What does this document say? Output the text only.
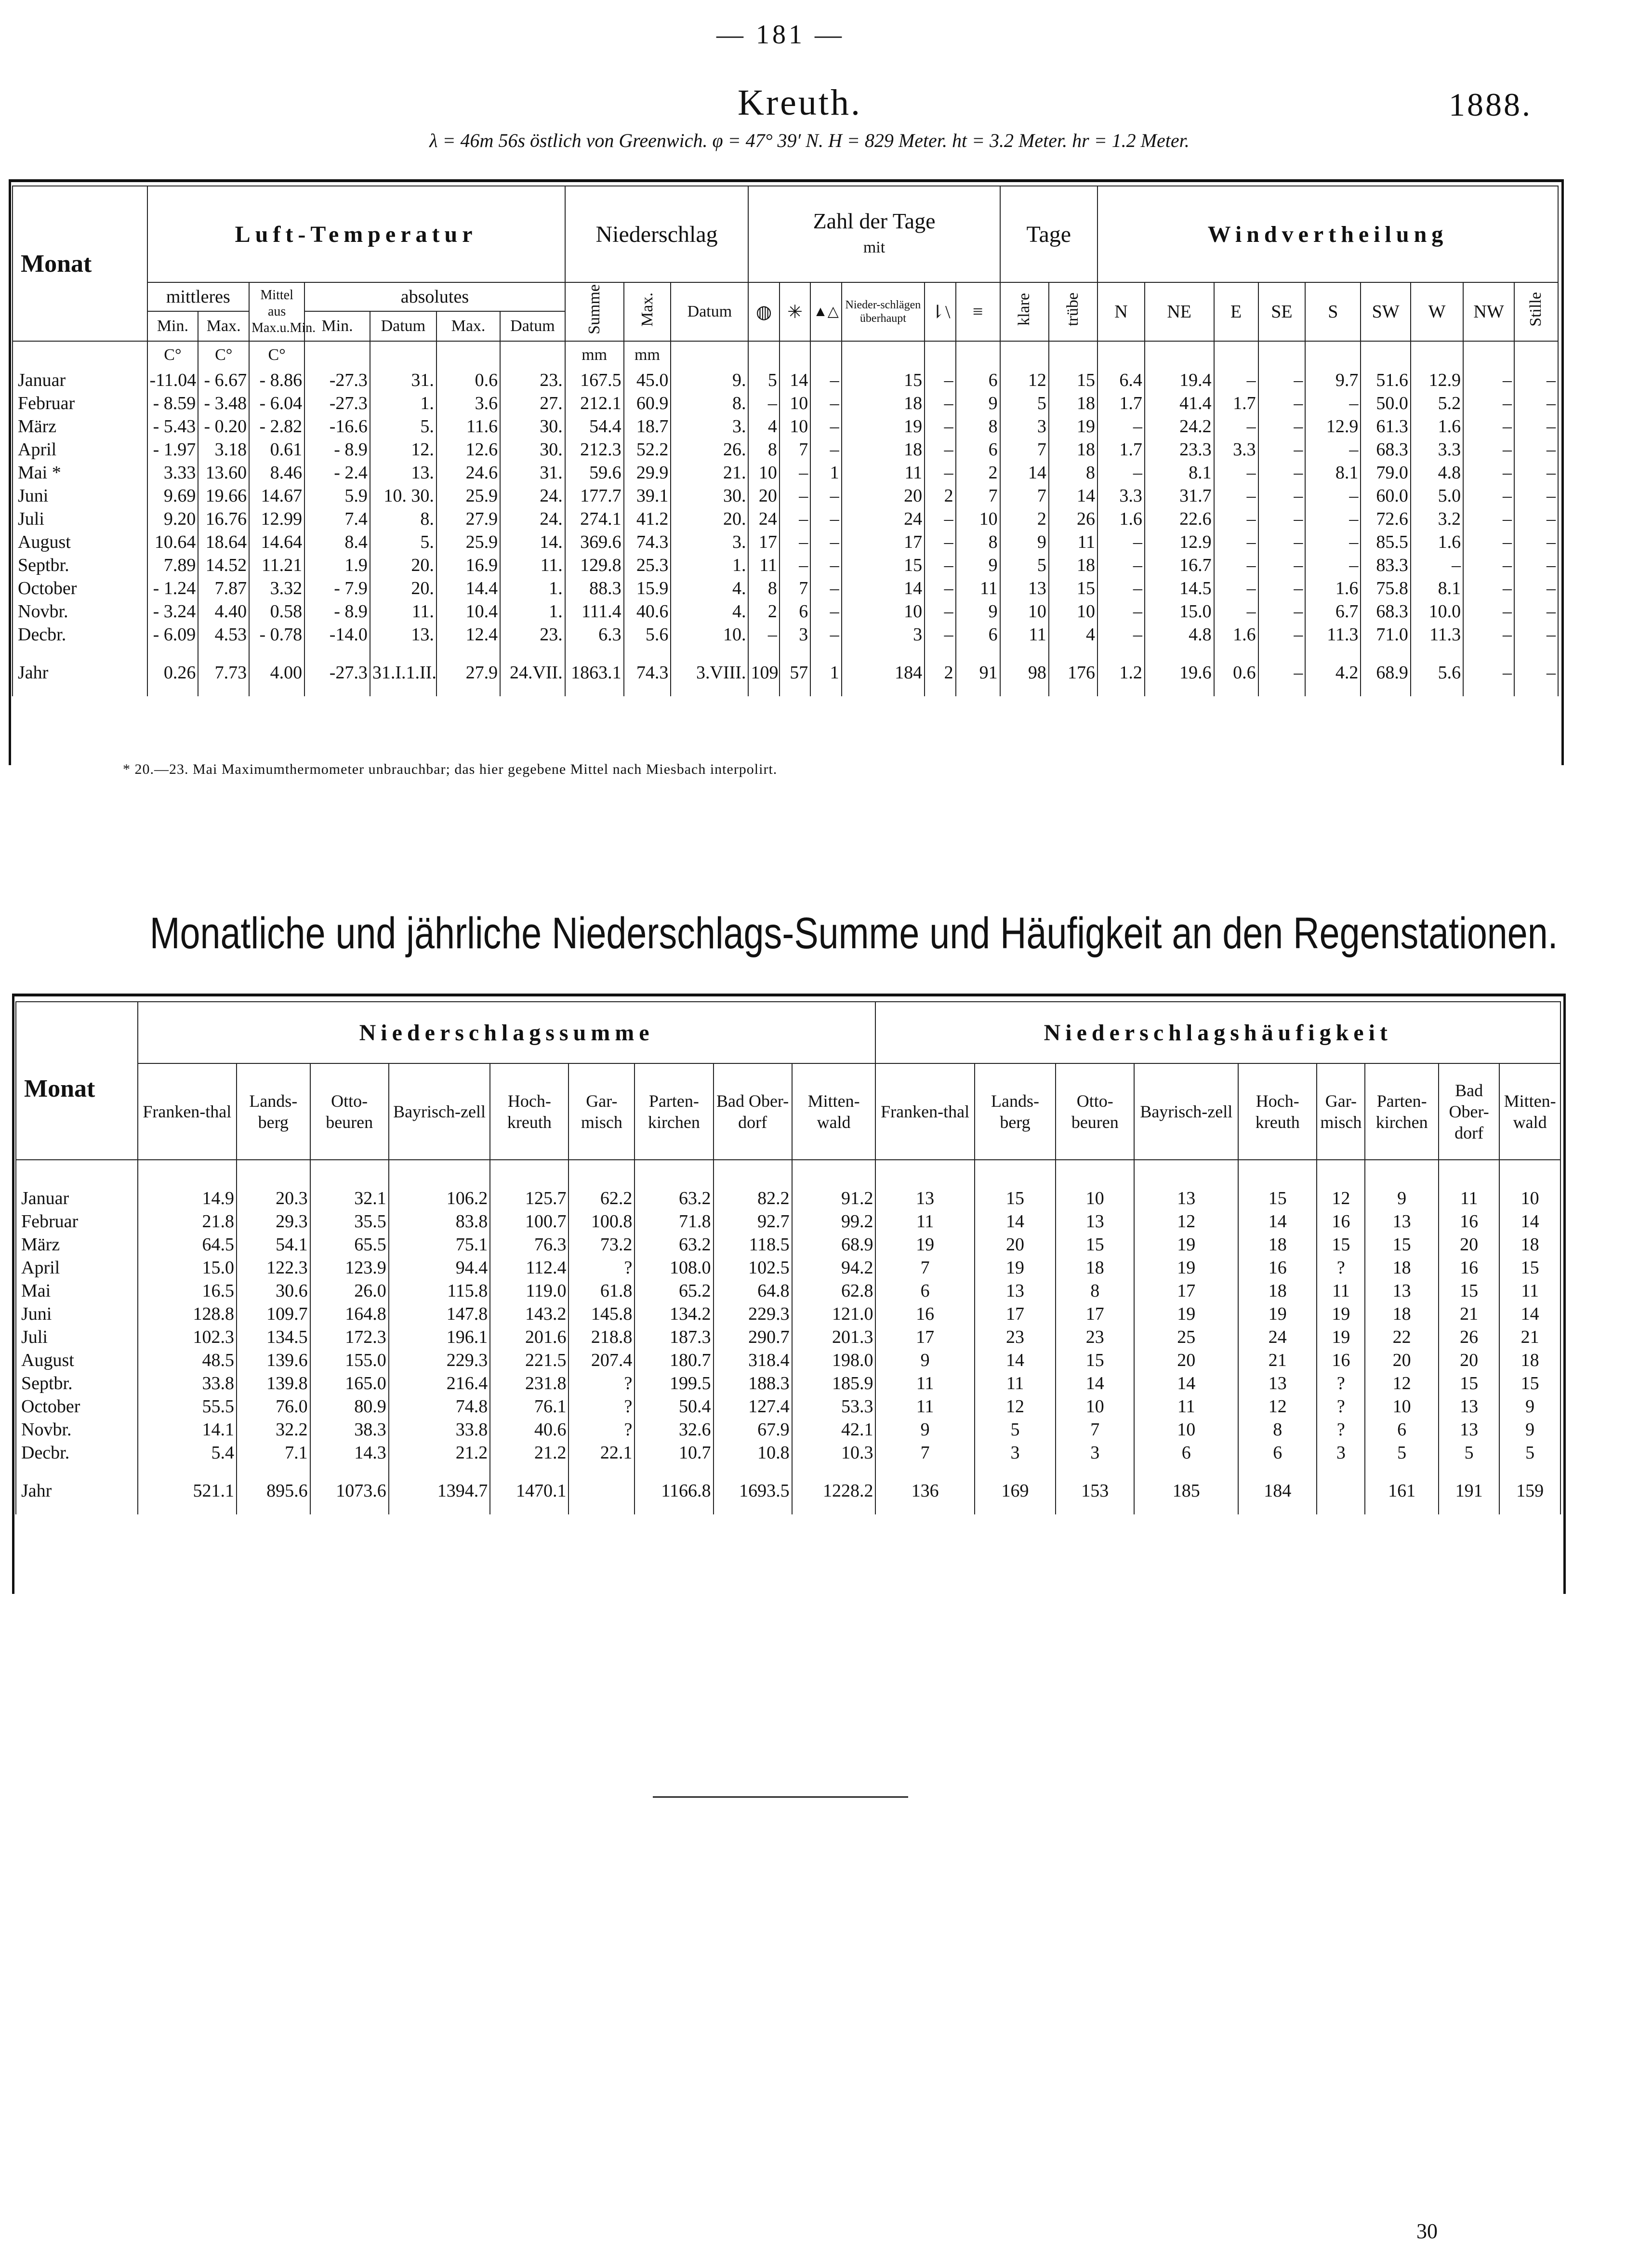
— 181 —
Kreuth.	1888.
λ = 46m 56s östlich von Greenwich. φ = 47° 39′ N. H = 829 Meter. ht = 3.2 Meter. hr = 1.2 Meter.
Monat	Luft-Temperatur							Niederschlag			Zahl der Tage
mit						Tage		Windvertheilung								
	mittleres		Mittel aus Max.u.Min.	absolutes				Summe	Max.	Datum	◍	✳	▲△	Nieder-schlägen überhaupt	⇂\	≡	klare	trübe	N	NE	E	SE	S	SW	W	NW	Stille
	Min.	Max.		Min.	Datum	Max.	Datum																				
	C°	C°	C°					mm	mm																		
Januar	-11.04	- 6.67	- 8.86	-27.3	31.	0.6	23.	167.5	45.0	9.	5	14	–	15	–	6	12	15	6.4	19.4	–	–	9.7	51.6	12.9	–	–
Februar	- 8.59	- 3.48	- 6.04	-27.3	1.	3.6	27.	212.1	60.9	8.	–	10	–	18	–	9	5	18	1.7	41.4	1.7	–	–	50.0	5.2	–	–
März	- 5.43	- 0.20	- 2.82	-16.6	5.	11.6	30.	54.4	18.7	3.	4	10	–	19	–	8	3	19	–	24.2	–	–	12.9	61.3	1.6	–	–
April	- 1.97	3.18	0.61	- 8.9	12.	12.6	30.	212.3	52.2	26.	8	7	–	18	–	6	7	18	1.7	23.3	3.3	–	–	68.3	3.3	–	–
Mai *	3.33	13.60	8.46	- 2.4	13.	24.6	31.	59.6	29.9	21.	10	–	1	11	–	2	14	8	–	8.1	–	–	8.1	79.0	4.8	–	–
Juni	9.69	19.66	14.67	5.9	10. 30.	25.9	24.	177.7	39.1	30.	20	–	–	20	2	7	7	14	3.3	31.7	–	–	–	60.0	5.0	–	–
Juli	9.20	16.76	12.99	7.4	8.	27.9	24.	274.1	41.2	20.	24	–	–	24	–	10	2	26	1.6	22.6	–	–	–	72.6	3.2	–	–
August	10.64	18.64	14.64	8.4	5.	25.9	14.	369.6	74.3	3.	17	–	–	17	–	8	9	11	–	12.9	–	–	–	85.5	1.6	–	–
Septbr.	7.89	14.52	11.21	1.9	20.	16.9	11.	129.8	25.3	1.	11	–	–	15	–	9	5	18	–	16.7	–	–	–	83.3	–	–	–
October	- 1.24	7.87	3.32	- 7.9	20.	14.4	1.	88.3	15.9	4.	8	7	–	14	–	11	13	15	–	14.5	–	–	1.6	75.8	8.1	–	–
Novbr.	- 3.24	4.40	0.58	- 8.9	11.	10.4	1.	111.4	40.6	4.	2	6	–	10	–	9	10	10	–	15.0	–	–	6.7	68.3	10.0	–	–
Decbr.	- 6.09	4.53	- 0.78	-14.0	13.	12.4	23.	6.3	5.6	10.	–	3	–	3	–	6	11	4	–	4.8	1.6	–	11.3	71.0	11.3	–	–

Jahr	0.26	7.73	4.00	-27.3	31.I.1.II.	27.9	24.VII.	1863.1	74.3	3.VIII.	109	57	1	184	2	91	98	176	1.2	19.6	0.6	–	4.2	68.9	5.6	–	–

* 20.—23. Mai Maximumthermometer unbrauchbar; das hier gegebene Mittel nach Miesbach interpolirt.
Monatliche und jährliche Niederschlags-Summe und Häufigkeit an den Regenstationen.
Monat	Niederschlagssumme									Niederschlagshäufigkeit								
	Franken-thal	Lands-berg	Otto-beuren	Bayrisch-zell	Hoch-kreuth	Gar-misch	Parten-kirchen	Bad Ober-dorf	Mitten-wald	Franken-thal	Lands-berg	Otto-beuren	Bayrisch-zell	Hoch-kreuth	Gar-misch	Parten-kirchen	Bad Ober-dorf	Mitten-wald

Januar	14.9	20.3	32.1	106.2	125.7	62.2	63.2	82.2	91.2	13	15	10	13	15	12	9	11	10
Februar	21.8	29.3	35.5	83.8	100.7	100.8	71.8	92.7	99.2	11	14	13	12	14	16	13	16	14
März	64.5	54.1	65.5	75.1	76.3	73.2	63.2	118.5	68.9	19	20	15	19	18	15	15	20	18
April	15.0	122.3	123.9	94.4	112.4	?	108.0	102.5	94.2	7	19	18	19	16	?	18	16	15
Mai	16.5	30.6	26.0	115.8	119.0	61.8	65.2	64.8	62.8	6	13	8	17	18	11	13	15	11
Juni	128.8	109.7	164.8	147.8	143.2	145.8	134.2	229.3	121.0	16	17	17	19	19	19	18	21	14
Juli	102.3	134.5	172.3	196.1	201.6	218.8	187.3	290.7	201.3	17	23	23	25	24	19	22	26	21
August	48.5	139.6	155.0	229.3	221.5	207.4	180.7	318.4	198.0	9	14	15	20	21	16	20	20	18
Septbr.	33.8	139.8	165.0	216.4	231.8	?	199.5	188.3	185.9	11	11	14	14	13	?	12	15	15
October	55.5	76.0	80.9	74.8	76.1	?	50.4	127.4	53.3	11	12	10	11	12	?	10	13	9
Novbr.	14.1	32.2	38.3	33.8	40.6	?	32.6	67.9	42.1	9	5	7	10	8	?	6	13	9
Decbr.	5.4	7.1	14.3	21.2	21.2	22.1	10.7	10.8	10.3	7	3	3	6	6	3	5	5	5

Jahr	521.1	895.6	1073.6	1394.7	1470.1		1166.8	1693.5	1228.2	136	169	153	185	184		161	191	159

30
